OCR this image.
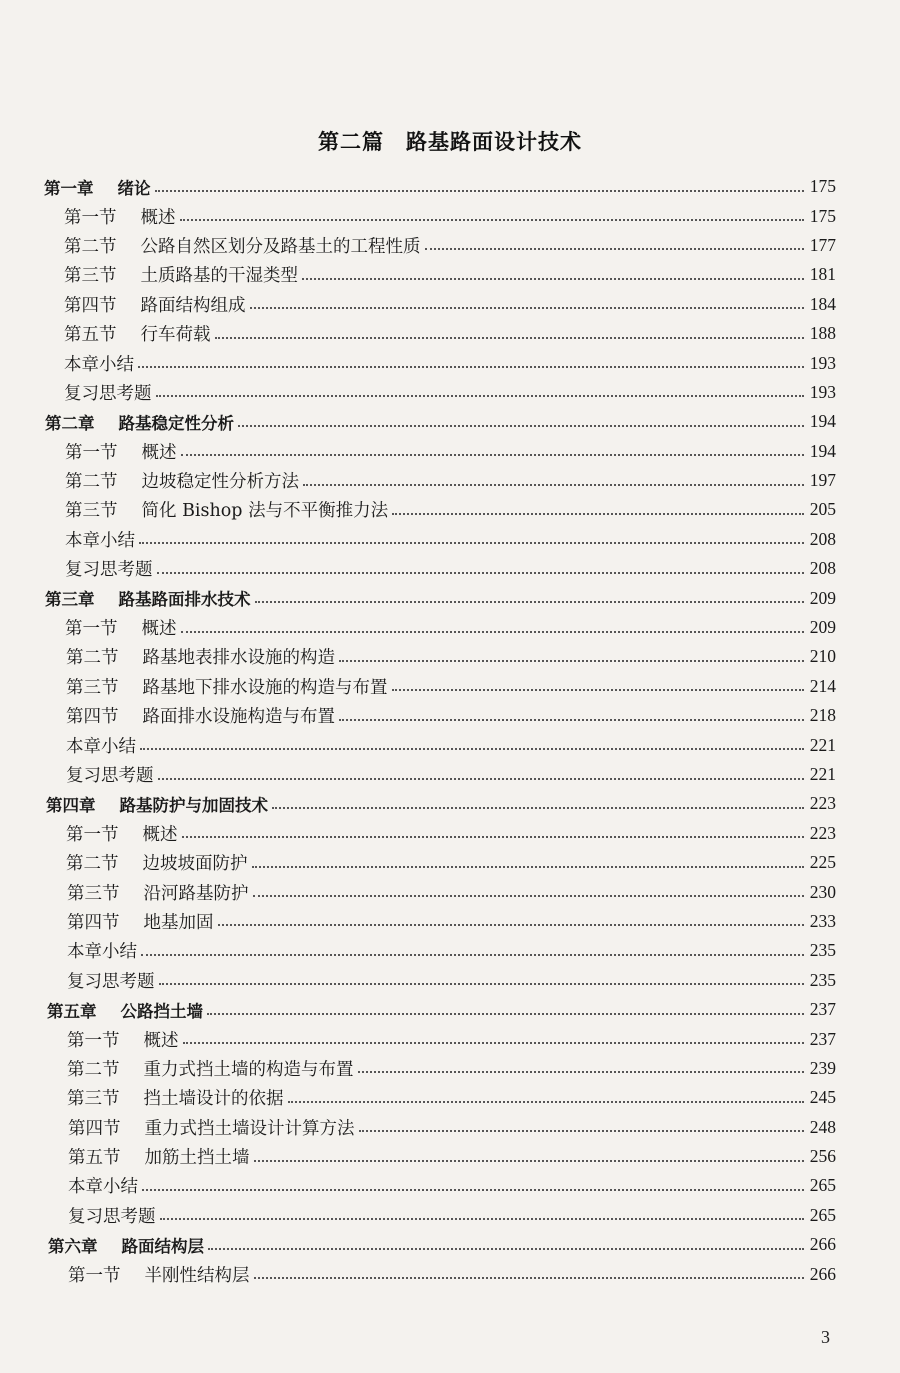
第二篇　路基路面设计技术
第一章 绪论	175
第一节 概述	175
第二节 公路自然区划分及路基土的工程性质	177
第三节 土质路基的干湿类型	181
第四节 路面结构组成	184
第五节 行车荷载	188
本章小结	193
复习思考题	193
第二章 路基稳定性分析	194
第一节 概述	194
第二节 边坡稳定性分析方法	197
第三节 简化 Bishop 法与不平衡推力法	205
本章小结	208
复习思考题	208
第三章 路基路面排水技术	209
第一节 概述	209
第二节 路基地表排水设施的构造	210
第三节 路基地下排水设施的构造与布置	214
第四节 路面排水设施构造与布置	218
本章小结	221
复习思考题	221
第四章 路基防护与加固技术	223
第一节 概述	223
第二节 边坡坡面防护	225
第三节 沿河路基防护	230
第四节 地基加固	233
本章小结	235
复习思考题	235
第五章 公路挡土墙	237
第一节 概述	237
第二节 重力式挡土墙的构造与布置	239
第三节 挡土墙设计的依据	245
第四节 重力式挡土墙设计计算方法	248
第五节 加筋土挡土墙	256
本章小结	265
复习思考题	265
第六章 路面结构层	266
第一节 半刚性结构层	266
3
